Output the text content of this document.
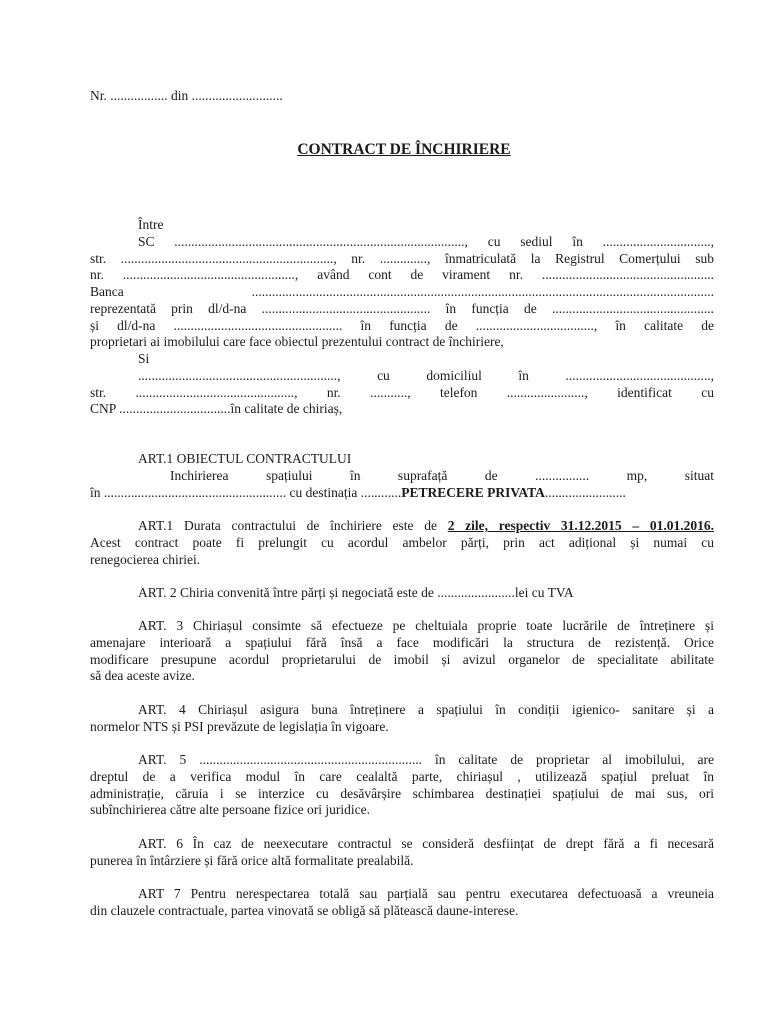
Nr. ................. din ...........................
CONTRACT DE ÎNCHIRIERE
Între
SC ......................................................................................, cu sediul în ................................,
str. ..............................................................., nr. .............., înmatriculată la Registrul Comerțului sub
nr. ..................................................., având cont de virament nr. ...................................................
Banca .........................................................................................................................................
reprezentată prin dl/d-na .................................................. în funcția de ................................................
și dl/d-na .................................................. în funcția de ..................................., în calitate de
proprietari ai imobilului care face obiectul prezentului contract de închiriere,
Si
..........................................................., cu domiciliul în ...........................................,
str. ..............................................., nr. ..........., telefon ......................., identificat cu
CNP .................................în calitate de chiriaș,
ART.1 OBIECTUL CONTRACTULUI
Inchirierea spațiului în suprafață de ................ mp, situat
în ...................................................... cu destinația ............PETRECERE PRIVATA........................
ART.1 Durata contractului de închiriere este de 2 zile, respectiv 31.12.2015 – 01.01.2016.
Acest contract poate fi prelungit cu acordul ambelor părți, prin act adițional și numai cu
renegocierea chiriei.
ART. 2 Chiria convenită între părți și negociată este de .......................lei cu TVA
ART. 3 Chiriașul consimte să efectueze pe cheltuiala proprie toate lucrările de întreținere și
amenajare interioară a spațiului fără însă a face modificări la structura de rezistență. Orice
modificare presupune acordul proprietarului de imobil și avizul organelor de specialitate abilitate
să dea aceste avize.
ART. 4 Chiriașul asigura buna întreținere a spațiului în condiții igienico- sanitare și a
normelor NTS și PSI prevăzute de legislația în vigoare.
ART. 5 .................................................................. în calitate de proprietar al imobilului, are
dreptul de a verifica modul în care cealaltă parte, chiriașul , utilizează spațiul preluat în
administrație, căruia i se interzice cu desăvârșire schimbarea destinației spațiului de mai sus, ori
subînchirierea către alte persoane fizice ori juridice.
ART. 6 În caz de neexecutare contractul se consideră desființat de drept fără a fi necesară
punerea în întârziere și fără orice altă formalitate prealabilă.
ART 7 Pentru nerespectarea totală sau parțială sau pentru executarea defectuoasă a vreuneia
din clauzele contractuale, partea vinovată se obligă să plătească daune-interese.
